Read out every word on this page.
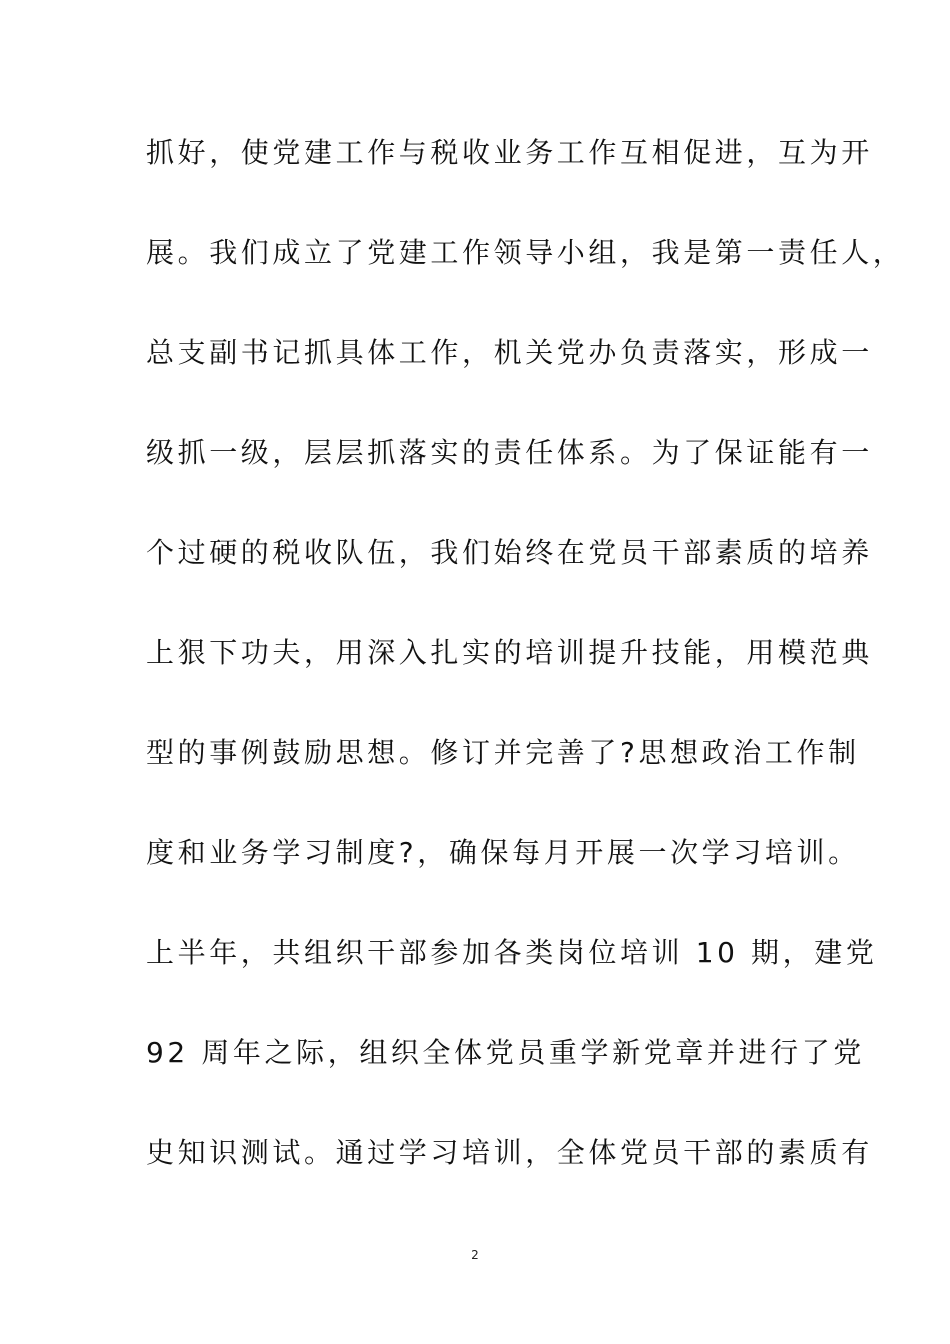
抓好，使党建工作与税收业务工作互相促进，互为开
展。我们成立了党建工作领导小组，我是第一责任人，
总支副书记抓具体工作，机关党办负责落实，形成一
级抓一级，层层抓落实的责任体系。为了保证能有一
个过硬的税收队伍，我们始终在党员干部素质的培养
上狠下功夫，用深入扎实的培训提升技能，用模范典
型的事例鼓励思想。修订并完善了?思想政治工作制
度和业务学习制度?，确保每月开展一次学习培训。
上半年，共组织干部参加各类岗位培训 10 期，建党
92 周年之际，组织全体党员重学新党章并进行了党
史知识测试。通过学习培训，全体党员干部的素质有
2
